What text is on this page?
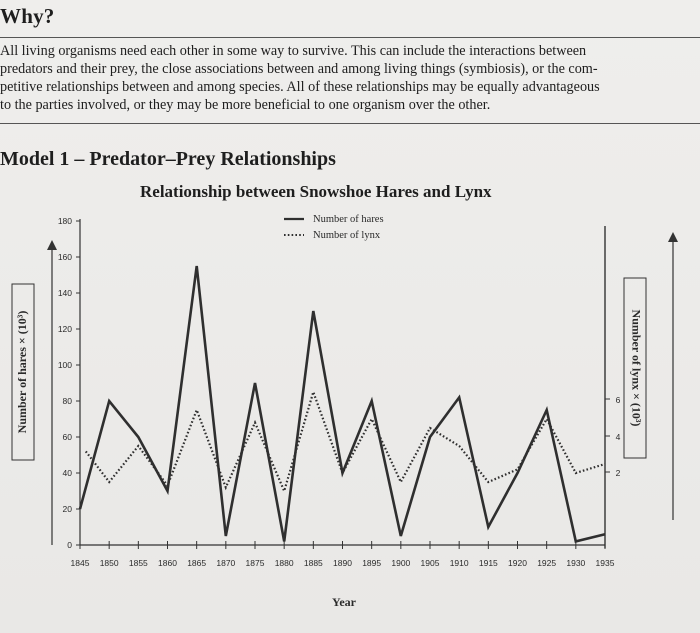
Why?
All living organisms need each other in some way to survive. This can include the interactions between
predators and their prey, the close associations between and among living things (symbiosis), or the com-
petitive relationships between and among species. All of these relationships may be equally advantageous
to the parties involved, or they may be more beneficial to one organism over the other.
Model 1 – Predator–Prey Relationships
Relationship between Snowshoe Hares and Lynx
1845 1850 1855 1860 1865 1870 1875 1880 1885 1890 1895 1900 1905 1910 1915 1920 1925 1930 1935
0
20
40
60
80
100
120
140
160
180
2
4
6
Number of hares
Number of lynx
Number of hares × (10³)	Number of lynx × (10³)
Year
